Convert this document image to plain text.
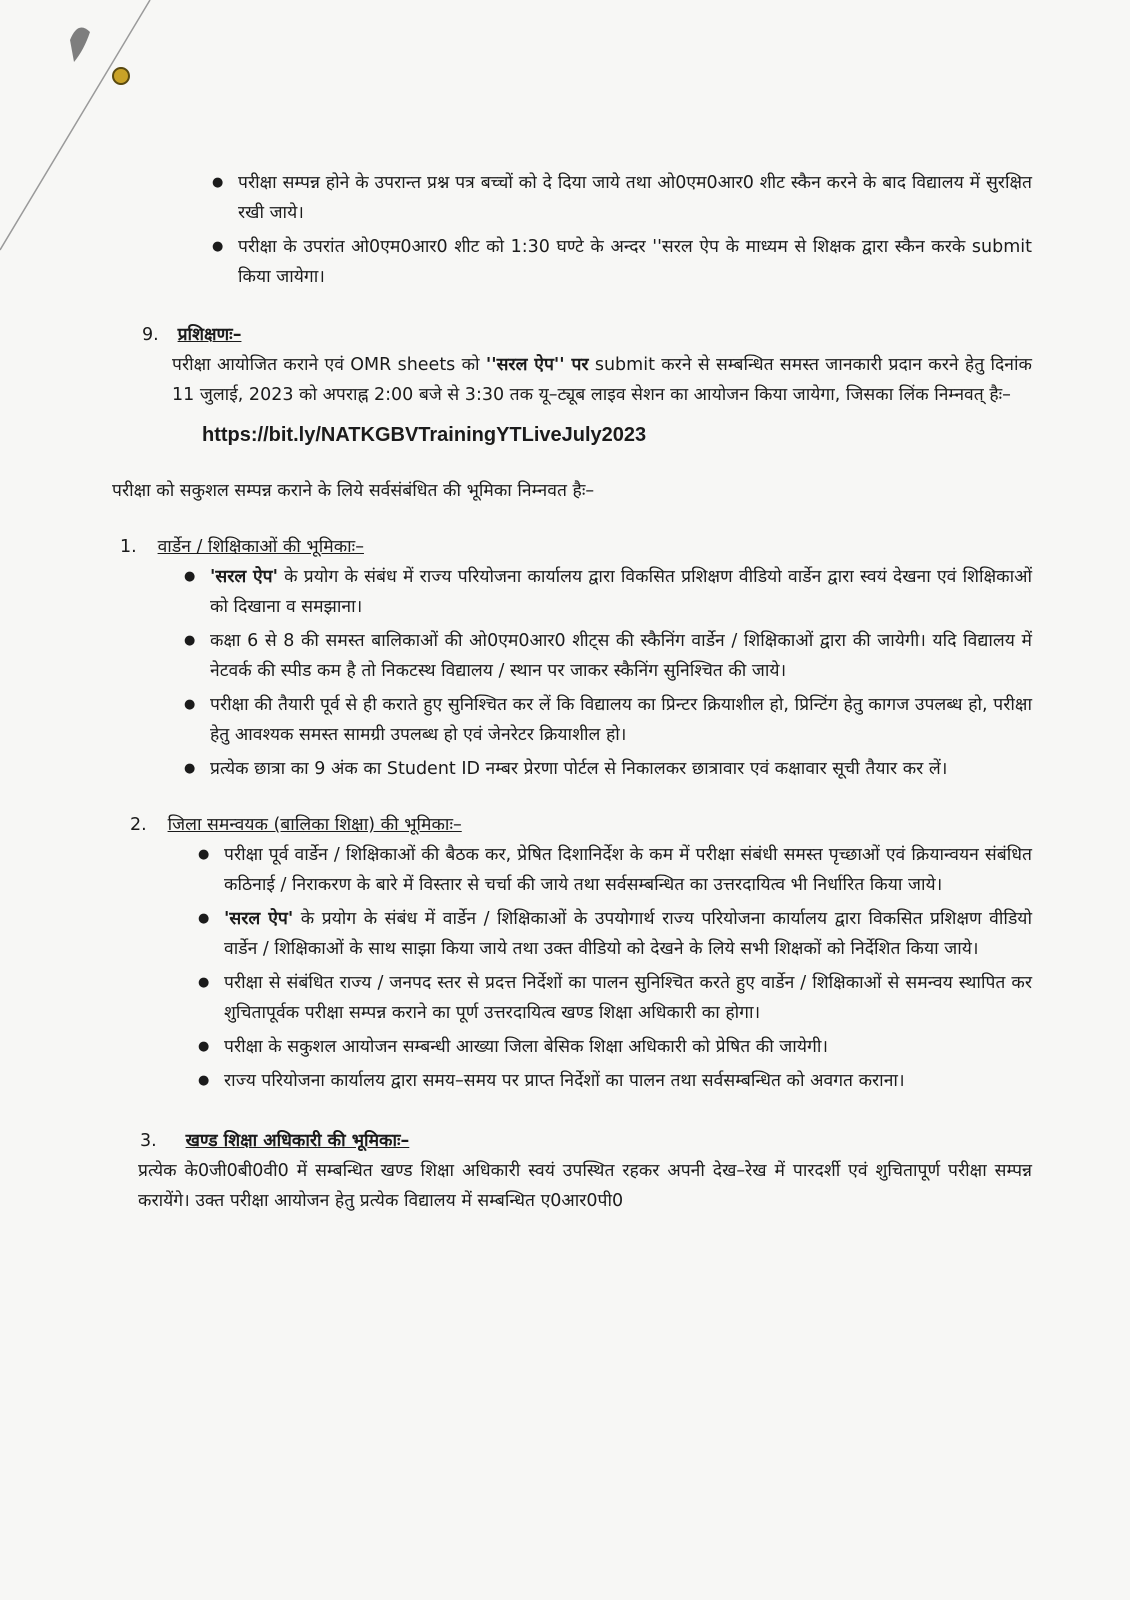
● परीक्षा सम्पन्न होने के उपरान्त प्रश्न पत्र बच्चों को दे दिया जाये तथा ओ0एम0आर0 शीट स्कैन करने के बाद विद्यालय में सुरक्षित रखी जाये।
● परीक्षा के उपरांत ओ0एम0आर0 शीट को 1:30 घण्टे के अन्दर ''सरल ऐप के माध्यम से शिक्षक द्वारा स्कैन करके submit किया जायेगा।
9. प्रशिक्षणः–
परीक्षा आयोजित कराने एवं OMR sheets को ''सरल ऐप'' पर submit करने से सम्बन्धित समस्त जानकारी प्रदान करने हेतु दिनांक 11 जुलाई, 2023 को अपराह्न 2:00 बजे से 3:30 तक यू–ट्यूब लाइव सेशन का आयोजन किया जायेगा, जिसका लिंक निम्नवत् हैः–
https://bit.ly/NATKGBVTrainingYTLiveJuly2023
परीक्षा को सकुशल सम्पन्न कराने के लिये सर्वसंबंधित की भूमिका निम्नवत हैः–
1. वार्डेन / शिक्षिकाओं की भूमिकाः–
● 'सरल ऐप' के प्रयोग के संबंध में राज्य परियोजना कार्यालय द्वारा विकसित प्रशिक्षण वीडियो वार्डेन द्वारा स्वयं देखना एवं शिक्षिकाओं को दिखाना व समझाना।
● कक्षा 6 से 8 की समस्त बालिकाओं की ओ0एम0आर0 शीट्स की स्कैनिंग वार्डेन / शिक्षिकाओं द्वारा की जायेगी। यदि विद्यालय में नेटवर्क की स्पीड कम है तो निकटस्थ विद्यालय / स्थान पर जाकर स्कैनिंग सुनिश्चित की जाये।
● परीक्षा की तैयारी पूर्व से ही कराते हुए सुनिश्चित कर लें कि विद्यालय का प्रिन्टर क्रियाशील हो, प्रिन्टिंग हेतु कागज उपलब्ध हो, परीक्षा हेतु आवश्यक समस्त सामग्री उपलब्ध हो एवं जेनरेटर क्रियाशील हो।
● प्रत्येक छात्रा का 9 अंक का Student ID नम्बर प्रेरणा पोर्टल से निकालकर छात्रावार एवं कक्षावार सूची तैयार कर लें।
2. जिला समन्वयक (बालिका शिक्षा) की भूमिकाः–
● परीक्षा पूर्व वार्डेन / शिक्षिकाओं की बैठक कर, प्रेषित दिशानिर्देश के कम में परीक्षा संबंधी समस्त पृच्छाओं एवं क्रियान्वयन संबंधित कठिनाई / निराकरण के बारे में विस्तार से चर्चा की जाये तथा सर्वसम्बन्धित का उत्तरदायित्व भी निर्धारित किया जाये।
● 'सरल ऐप' के प्रयोग के संबंध में वार्डेन / शिक्षिकाओं के उपयोगार्थ राज्य परियोजना कार्यालय द्वारा विकसित प्रशिक्षण वीडियो वार्डेन / शिक्षिकाओं के साथ साझा किया जाये तथा उक्त वीडियो को देखने के लिये सभी शिक्षकों को निर्देशित किया जाये।
● परीक्षा से संबंधित राज्य / जनपद स्तर से प्रदत्त निर्देशों का पालन सुनिश्चित करते हुए वार्डेन / शिक्षिकाओं से समन्वय स्थापित कर शुचितापूर्वक परीक्षा सम्पन्न कराने का पूर्ण उत्तरदायित्व खण्ड शिक्षा अधिकारी का होगा।
● परीक्षा के सकुशल आयोजन सम्बन्धी आख्या जिला बेसिक शिक्षा अधिकारी को प्रेषित की जायेगी।
● राज्य परियोजना कार्यालय द्वारा समय–समय पर प्राप्त निर्देशों का पालन तथा सर्वसम्बन्धित को अवगत कराना।
3. खण्ड शिक्षा अधिकारी की भूमिकाः–
प्रत्येक के0जी0बी0वी0 में सम्बन्धित खण्ड शिक्षा अधिकारी स्वयं उपस्थित रहकर अपनी देख–रेख में पारदर्शी एवं शुचितापूर्ण परीक्षा सम्पन्न करायेंगे। उक्त परीक्षा आयोजन हेतु प्रत्येक विद्यालय में सम्बन्धित ए0आर0पी0
